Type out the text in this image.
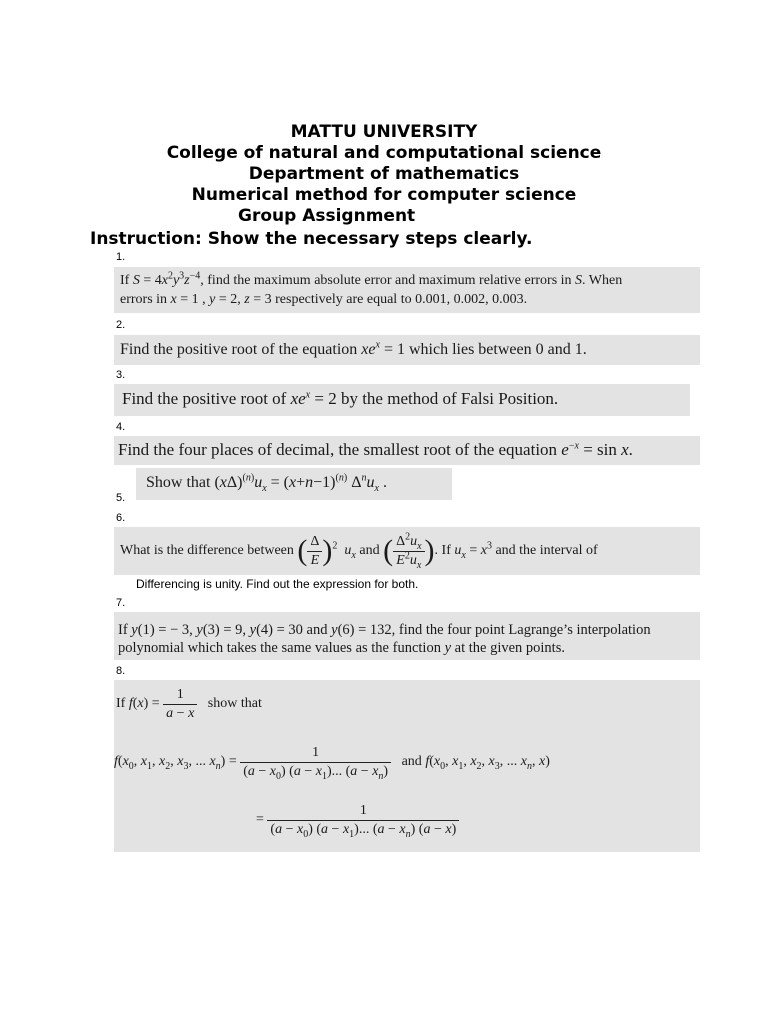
MATTU UNIVERSITY
College of natural and computational science
Department of mathematics
Numerical method for computer science
Group Assignment
Instruction: Show the necessary steps clearly.
1.
If $S = 4x^2y^3z^{-4}$, find the maximum absolute error and maximum relative errors in S. When
errors in x = 1 , y = 2, z = 3 respectively are equal to 0.001, 0.002, 0.003.
2.
Find the positive root of the equation $xe^x = 1$ which lies between 0 and 1.
3.
Find the positive root of $xe^x = 2$ by the method of Falsi Position.
4.
Find the four places of decimal, the smallest root of the equation $e^{-x} = \sin x$.
Show that $(x\Delta)^{(n)}u_x = (x+n-1)^{(n)}$ $\Delta^nu_x$ .
5.
6.
What is the difference between ( $\frac{\Delta}{E} )^2$ $u_x$ and ( $\frac{\Delta^2u_x}{E^2u_x}$ ). If $u_x = x^3$ and the interval of
Differencing is unity. Find out the expression for both.
7.
If y(1) = − 3, y(3) = 9, y(4) = 30 and y(6) = 132, find the four point Lagrange’s interpolation
polynomial which takes the same values as the function y at the given points.
8.
If $f(x) = \frac{1}{a - x}$ show that
$f(x_0$, $x_1$, $x_2$, $x_3$, ... $x_n) = \frac{1}{(a - x_0) (a - x_1)... (a - x_n)}$ and $f(x_0$, $x_1$, $x_2$, $x_3$, ... $x_n$, x)
= $\frac{1}{(a - x_0) (a - x_1)... (a - x_n) (a - x)}$
